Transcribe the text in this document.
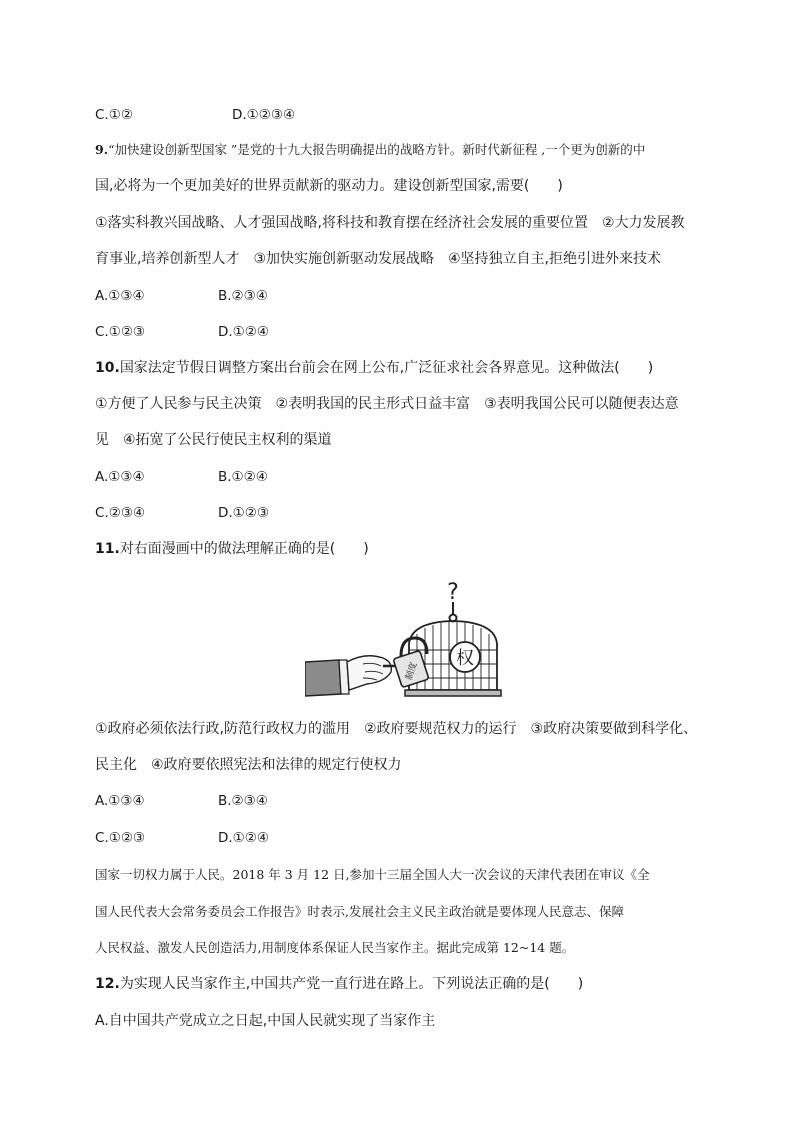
C.①②	D.①②③④
9.“加快建设创新型国家 ”是党的十九大报告明确提出的战略方针。新时代新征程 ,一个更为创新的中
国,必将为一个更加美好的世界贡献新的驱动力。建设创新型国家,需要(　　)
①落实科教兴国战略、人才强国战略,将科技和教育摆在经济社会发展的重要位置　②大力发展教
育事业,培养创新型人才　③加快实施创新驱动发展战略　④坚持独立自主,拒绝引进外来技术
A.①③④	B.②③④
C.①②③	D.①②④
10.国家法定节假日调整方案出台前会在网上公布,广泛征求社会各界意见。这种做法(　　)
①方便了人民参与民主决策　②表明我国的民主形式日益丰富　③表明我国公民可以随便表达意
见　④拓宽了公民行使民主权利的渠道
A.①③④	B.①②④
C.②③④	D.①②③
11.对右面漫画中的做法理解正确的是(　　)
?
权
制度
①政府必须依法行政,防范行政权力的滥用　②政府要规范权力的运行　③政府决策要做到科学化、
民主化　④政府要依照宪法和法律的规定行使权力
A.①③④	B.②③④
C.①②③	D.①②④
国家一切权力属于人民。2018 年 3 月 12 日,参加十三届全国人大一次会议的天津代表团在审议《全
国人民代表大会常务委员会工作报告》时表示,发展社会主义民主政治就是要体现人民意志、保障
人民权益、激发人民创造活力,用制度体系保证人民当家作主。据此完成第 12~14 题。
12.为实现人民当家作主,中国共产党一直行进在路上。下列说法正确的是(　　)
A.自中国共产党成立之日起,中国人民就实现了当家作主
